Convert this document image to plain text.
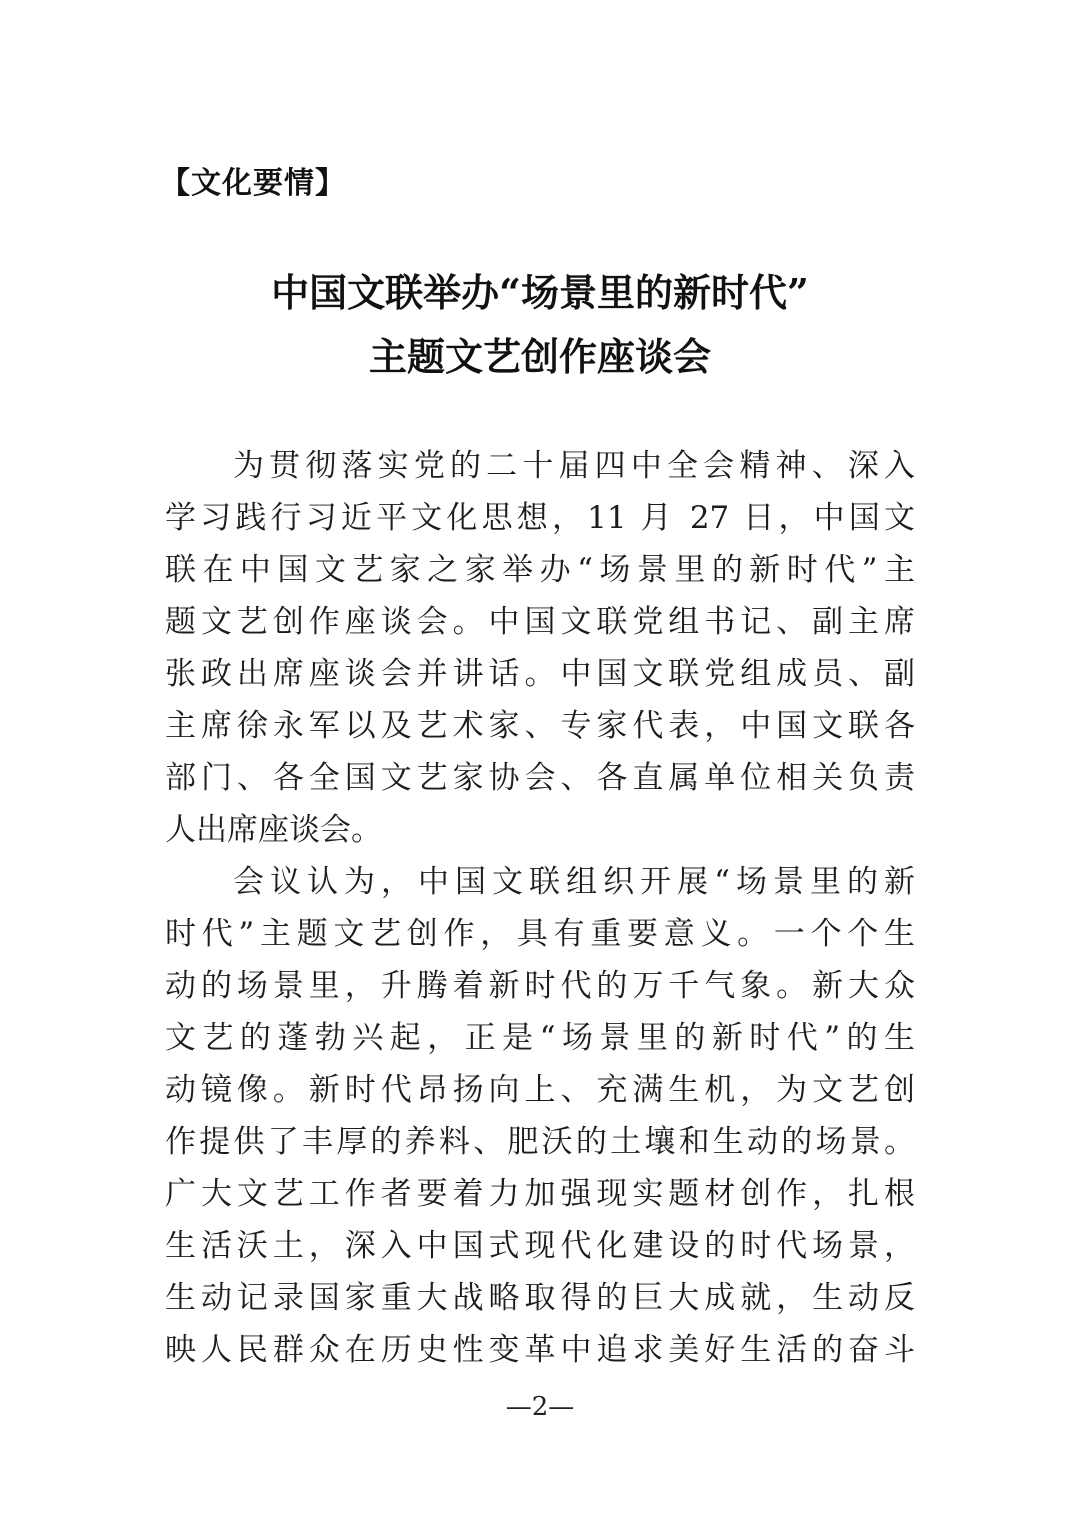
【文化要情】
中国文联举办“场景里的新时代”
主题文艺创作座谈会
为贯彻落实党的二十届四中全会精神、深入
学习践行习近平文化思想，11 月 27 日，中国文
联在中国文艺家之家举办“场景里的新时代”主
题文艺创作座谈会。中国文联党组书记、副主席
张政出席座谈会并讲话。中国文联党组成员、副
主席徐永军以及艺术家、专家代表，中国文联各
部门、各全国文艺家协会、各直属单位相关负责
人出席座谈会。
会议认为，中国文联组织开展“场景里的新
时代”主题文艺创作，具有重要意义。一个个生
动的场景里，升腾着新时代的万千气象。新大众
文艺的蓬勃兴起，正是“场景里的新时代”的生
动镜像。新时代昂扬向上、充满生机，为文艺创
作提供了丰厚的养料、肥沃的土壤和生动的场景。
广大文艺工作者要着力加强现实题材创作，扎根
生活沃土，深入中国式现代化建设的时代场景，
生动记录国家重大战略取得的巨大成就，生动反
映人民群众在历史性变革中追求美好生活的奋斗
—2—
